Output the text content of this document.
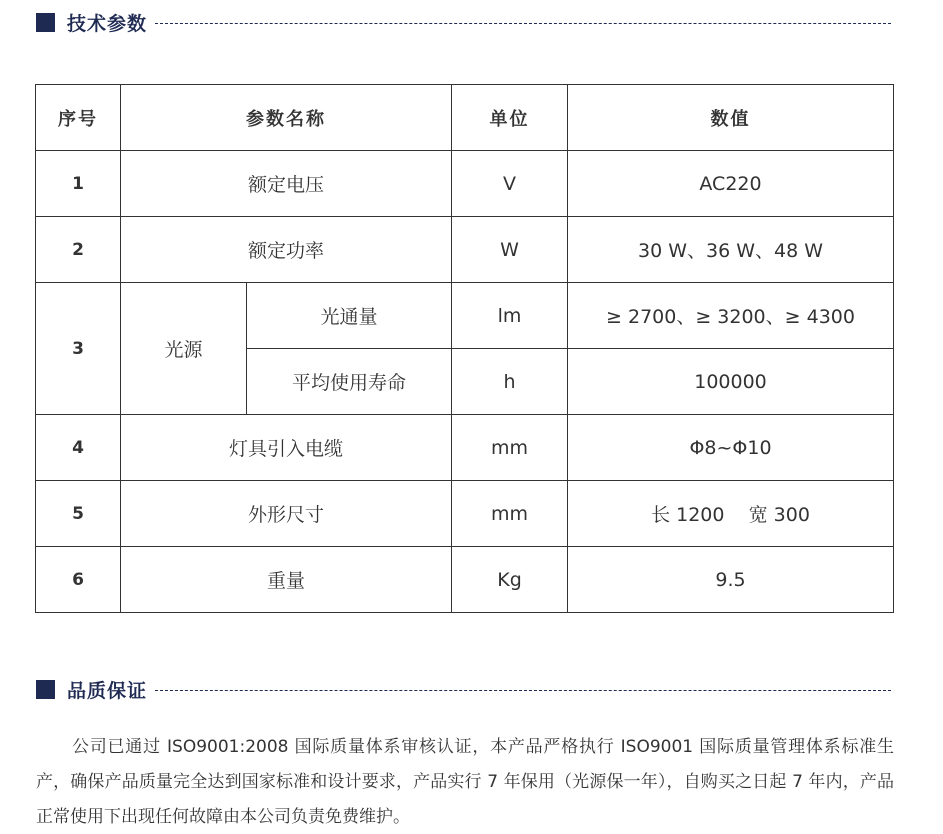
技术参数
序号	参数名称		单位	数值
1	额定电压		V	AC220
2	额定功率		W	30 W、36 W、48 W
3	光源	光通量	lm	≥ 2700、≥ 3200、≥ 4300
		平均使用寿命	h	100000
4	灯具引入电缆		mm	Φ8~Φ10
5	外形尺寸		mm	长 1200    宽 300
6	重量		Kg	9.5
品质保证

公司已通过 ISO9001:2008 国际质量体系审核认证，本产品严格执行 ISO9001 国际质量管理体系标准生产，确保产品质量完全达到国家标准和设计要求，产品实行 7 年保用（光源保一年），自购买之日起 7 年内，产品正常使用下出现任何故障由本公司负责免费维护。
